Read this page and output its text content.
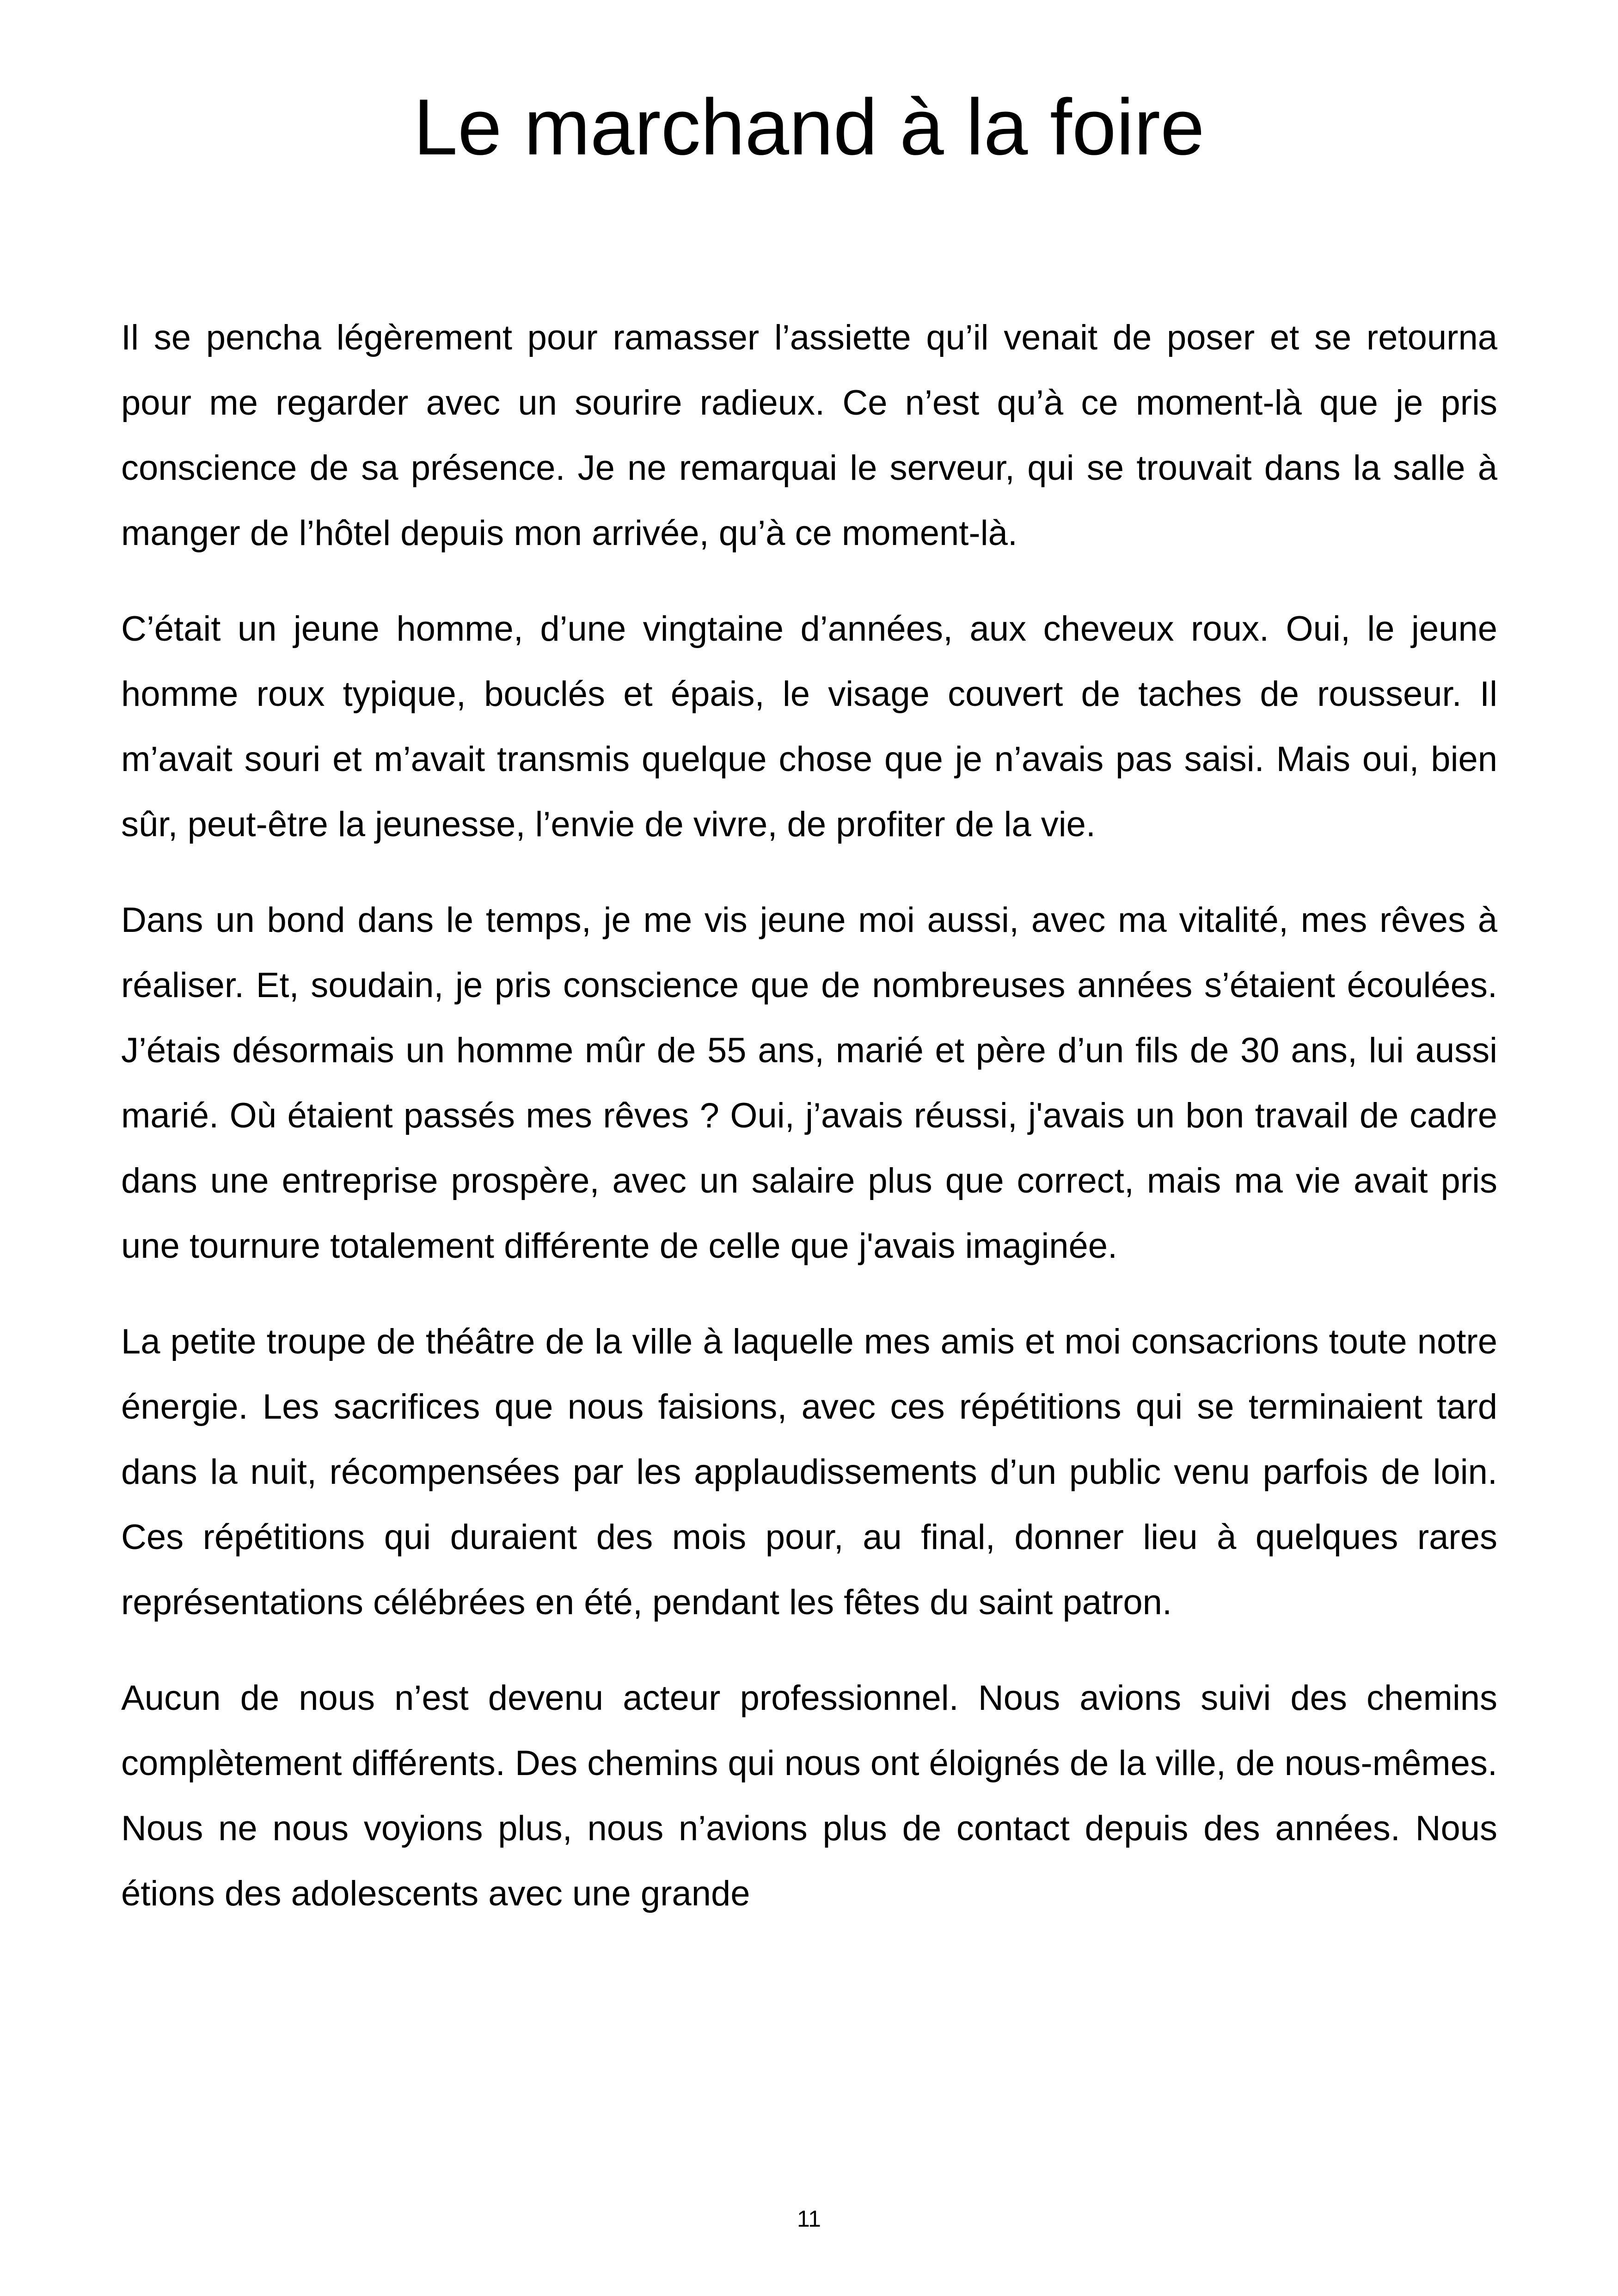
Le marchand à la foire

Il se pencha légèrement pour ramasser l’assiette qu’il venait de poser et se retourna pour me regarder avec un sourire radieux. Ce n’est qu’à ce moment-là que je pris conscience de sa présence. Je ne remarquai le serveur, qui se trouvait dans la salle à manger de l’hôtel depuis mon arrivée, qu’à ce moment-là.

C’était un jeune homme, d’une vingtaine d’années, aux cheveux roux. Oui, le jeune homme roux typique, bouclés et épais, le visage couvert de taches de rousseur. Il m’avait souri et m’avait transmis quelque chose que je n’avais pas saisi. Mais oui, bien sûr, peut-être la jeunesse, l’envie de vivre, de profiter de la vie.

Dans un bond dans le temps, je me vis jeune moi aussi, avec ma vitalité, mes rêves à réaliser. Et, soudain, je pris conscience que de nombreuses années s’étaient écoulées. J’étais désormais un homme mûr de 55 ans, marié et père d’un fils de 30 ans, lui aussi marié. Où étaient passés mes rêves ? Oui, j’avais réussi, j'avais un bon travail de cadre dans une entreprise prospère, avec un salaire plus que correct, mais ma vie avait pris une tournure totalement différente de celle que j'avais imaginée.

La petite troupe de théâtre de la ville à laquelle mes amis et moi consacrions toute notre énergie. Les sacrifices que nous faisions, avec ces répétitions qui se terminaient tard dans la nuit, récompensées par les applaudissements d’un public venu parfois de loin. Ces répétitions qui duraient des mois pour, au final, donner lieu à quelques rares représentations célébrées en été, pendant les fêtes du saint patron.

Aucun de nous n’est devenu acteur professionnel. Nous avions suivi des chemins complètement différents. Des chemins qui nous ont éloignés de la ville, de nous-mêmes. Nous ne nous voyions plus, nous n’avions plus de contact depuis des années. Nous étions des adolescents avec une grande

11
